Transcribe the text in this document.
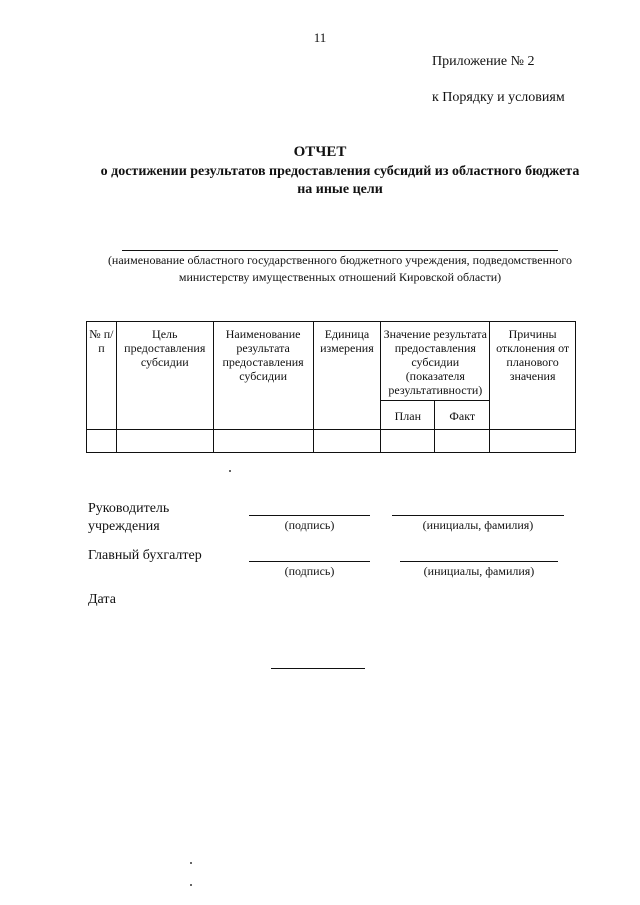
11
Приложение № 2
к Порядку и условиям
ОТЧЕТ
о достижении результатов предоставления субсидий из областного бюджета на иные цели
(наименование областного государственного бюджетного учреждения, подведомственного министерству имущественных отношений Кировской области)
№ п/п	Цель предоставления субсидии	Наименование результата предоставления субсидии	Единица измерения	Значение результата предоставления субсидии (показателя результативности)		Причины отклонения от планового значения
				План	Факт	

Руководитель учреждения	(подпись)	(инициалы, фамилия)
Главный бухгалтер
(подпись)	(инициалы, фамилия)
Дата
